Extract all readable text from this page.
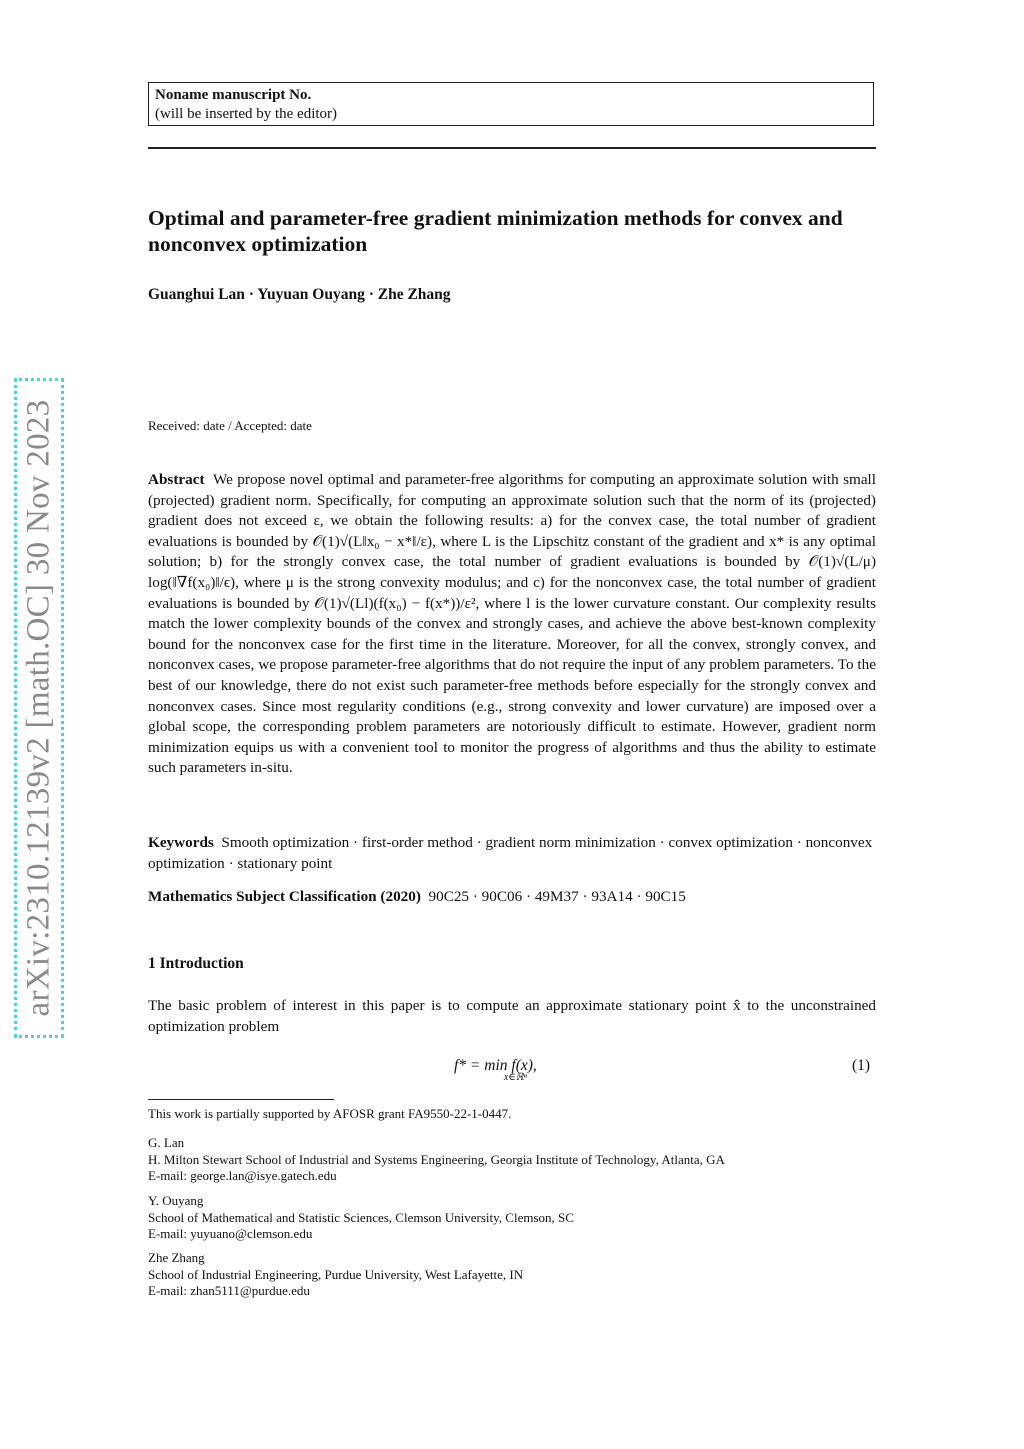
Noname manuscript No.
(will be inserted by the editor)
Optimal and parameter-free gradient minimization methods for convex and nonconvex optimization
Guanghui Lan · Yuyuan Ouyang · Zhe Zhang
Received: date / Accepted: date
Abstract We propose novel optimal and parameter-free algorithms for computing an approximate solution with small (projected) gradient norm. Specifically, for computing an approximate solution such that the norm of its (projected) gradient does not exceed ε, we obtain the following results: a) for the convex case, the total number of gradient evaluations is bounded by 𝒪(1)√(L‖x₀ − x*‖/ε), where L is the Lipschitz constant of the gradient and x* is any optimal solution; b) for the strongly convex case, the total number of gradient evaluations is bounded by 𝒪(1)√(L/μ) log(‖∇f(x₀)‖/ϵ), where μ is the strong convexity modulus; and c) for the nonconvex case, the total number of gradient evaluations is bounded by 𝒪(1)√(Ll)(f(x₀) − f(x*))/ε², where l is the lower curvature constant. Our complexity results match the lower complexity bounds of the convex and strongly cases, and achieve the above best-known complexity bound for the nonconvex case for the first time in the literature. Moreover, for all the convex, strongly convex, and nonconvex cases, we propose parameter-free algorithms that do not require the input of any problem parameters. To the best of our knowledge, there do not exist such parameter-free methods before especially for the strongly convex and nonconvex cases. Since most regularity conditions (e.g., strong convexity and lower curvature) are imposed over a global scope, the corresponding problem parameters are notoriously difficult to estimate. However, gradient norm minimization equips us with a convenient tool to monitor the progress of algorithms and thus the ability to estimate such parameters in-situ.
Keywords Smooth optimization · first-order method · gradient norm minimization · convex optimization · nonconvex optimization · stationary point
Mathematics Subject Classification (2020) 90C25 · 90C06 · 49M37 · 93A14 · 90C15
1 Introduction
The basic problem of interest in this paper is to compute an approximate stationary point x̂ to the unconstrained optimization problem
f* = min f(x),
x∈ℝⁿ
(1)
This work is partially supported by AFOSR grant FA9550-22-1-0447.
G. Lan
H. Milton Stewart School of Industrial and Systems Engineering, Georgia Institute of Technology, Atlanta, GA
E-mail: george.lan@isye.gatech.edu
Y. Ouyang
School of Mathematical and Statistic Sciences, Clemson University, Clemson, SC
E-mail: yuyuano@clemson.edu
Zhe Zhang
School of Industrial Engineering, Purdue University, West Lafayette, IN
E-mail: zhan5111@purdue.edu
arXiv:2310.12139v2 [math.OC] 30 Nov 2023
